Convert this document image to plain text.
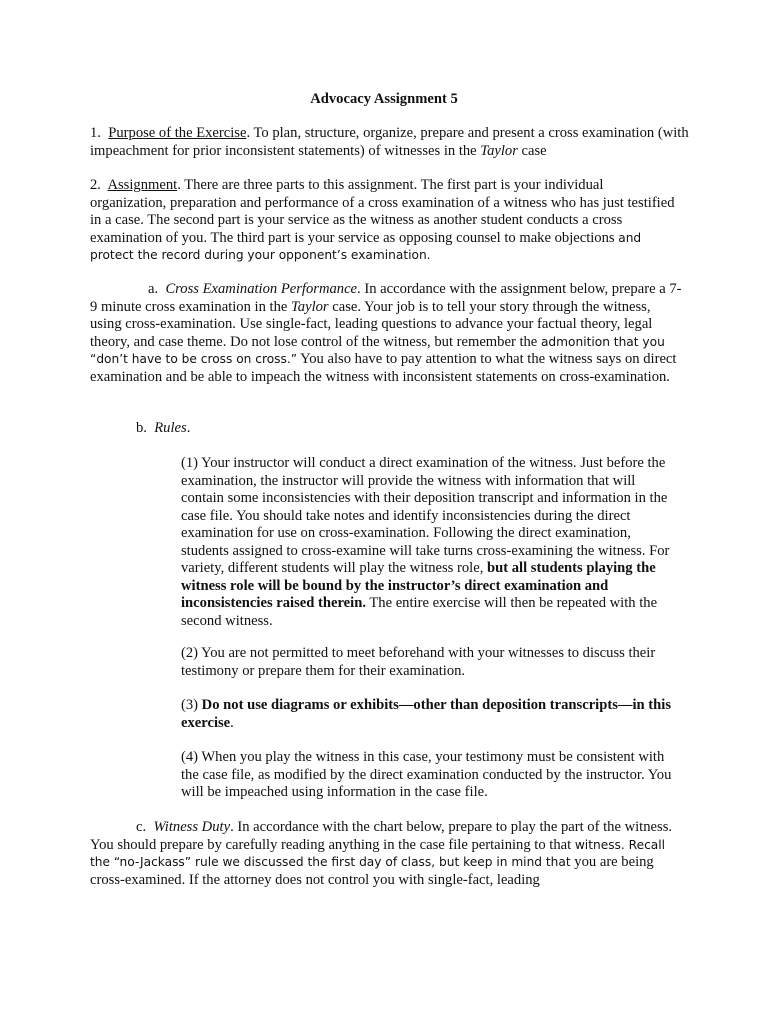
Advocacy Assignment 5

1. Purpose of the Exercise. To plan, structure, organize, prepare and present a cross examination (with impeachment for prior inconsistent statements) of witnesses in the Taylor case

2. Assignment. There are three parts to this assignment. The first part is your individual organization, preparation and performance of a cross examination of a witness who has just testified in a case. The second part is your service as the witness as another student conducts a cross examination of you. The third part is your service as opposing counsel to make objections and protect the record during your opponent’s examination.

a. Cross Examination Performance. In accordance with the assignment below, prepare a 7-9 minute cross examination in the Taylor case. Your job is to tell your story through the witness, using cross-examination. Use single-fact, leading questions to advance your factual theory, legal theory, and case theme. Do not lose control of the witness, but remember the admonition that you “don’t have to be cross on cross.” You also have to pay attention to what the witness says on direct examination and be able to impeach the witness with inconsistent statements on cross-examination.

b. Rules.

(1) Your instructor will conduct a direct examination of the witness. Just before the examination, the instructor will provide the witness with information that will contain some inconsistencies with their deposition transcript and information in the case file. You should take notes and identify inconsistencies during the direct examination for use on cross-examination. Following the direct examination, students assigned to cross-examine will take turns cross-examining the witness. For variety, different students will play the witness role, but all students playing the witness role will be bound by the instructor’s direct examination and inconsistencies raised therein. The entire exercise will then be repeated with the second witness.

(2) You are not permitted to meet beforehand with your witnesses to discuss their testimony or prepare them for their examination.

(3) Do not use diagrams or exhibits—other than deposition transcripts—in this exercise.

(4) When you play the witness in this case, your testimony must be consistent with the case file, as modified by the direct examination conducted by the instructor. You will be impeached using information in the case file.

c. Witness Duty. In accordance with the chart below, prepare to play the part of the witness. You should prepare by carefully reading anything in the case file pertaining to that witness. Recall the “no-Jackass” rule we discussed the first day of class, but keep in mind that you are being cross-examined. If the attorney does not control you with single-fact, leading
